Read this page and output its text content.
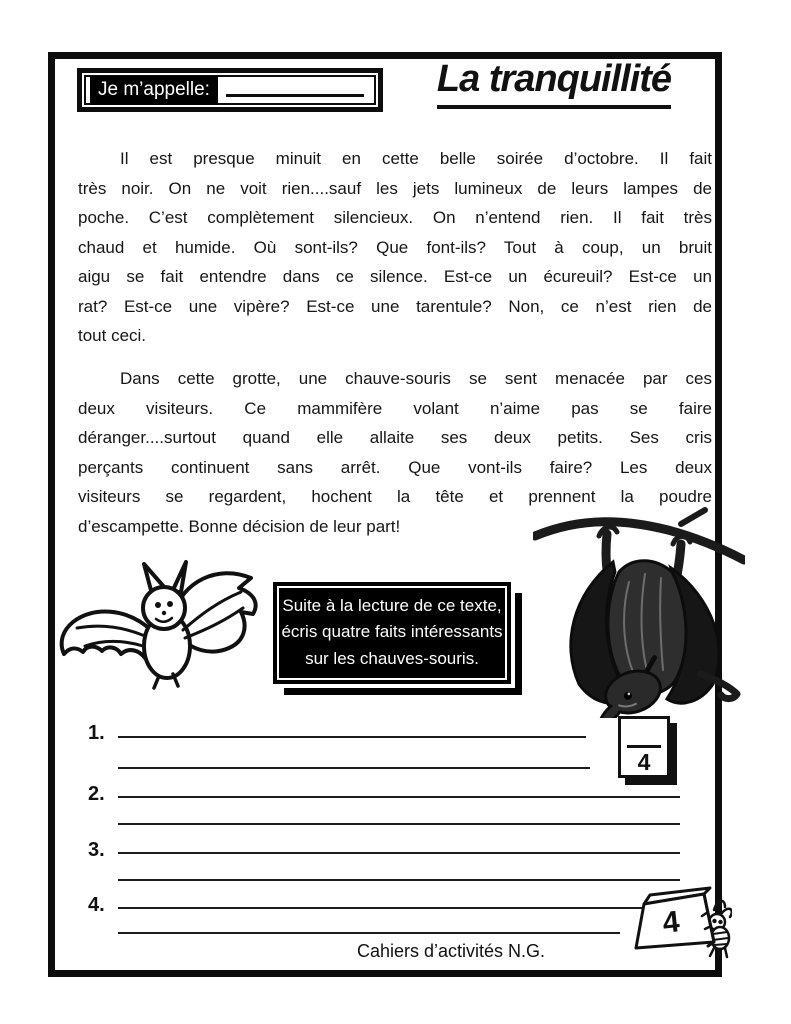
Je m’appelle:	La tranquillité
Il est presque minuit en cette belle soirée d’octobre. Il fait
très noir. On ne voit rien....sauf les jets lumineux de leurs lampes de
poche. C’est complètement silencieux. On n’entend rien. Il fait très
chaud et humide. Où sont-ils? Que font-ils? Tout à coup, un bruit
aigu se fait entendre dans ce silence. Est-ce un écureuil? Est-ce un
rat? Est-ce une vipère? Est-ce une tarentule? Non, ce n’est rien de
tout ceci.
Dans cette grotte, une chauve-souris se sent menacée par ces
deux visiteurs. Ce mammifère volant n’aime pas se faire
déranger....surtout quand elle allaite ses deux petits. Ses cris
perçants continuent sans arrêt. Que vont-ils faire? Les deux
visiteurs se regardent, hochent la tête et prennent la poudre
d’escampette. Bonne décision de leur part!
Suite à la lecture de ce texte, écris quatre faits intéressants sur les chauves-souris.
1.
2.
3.
4.
4
Cahiers d’activités N.G.
4
